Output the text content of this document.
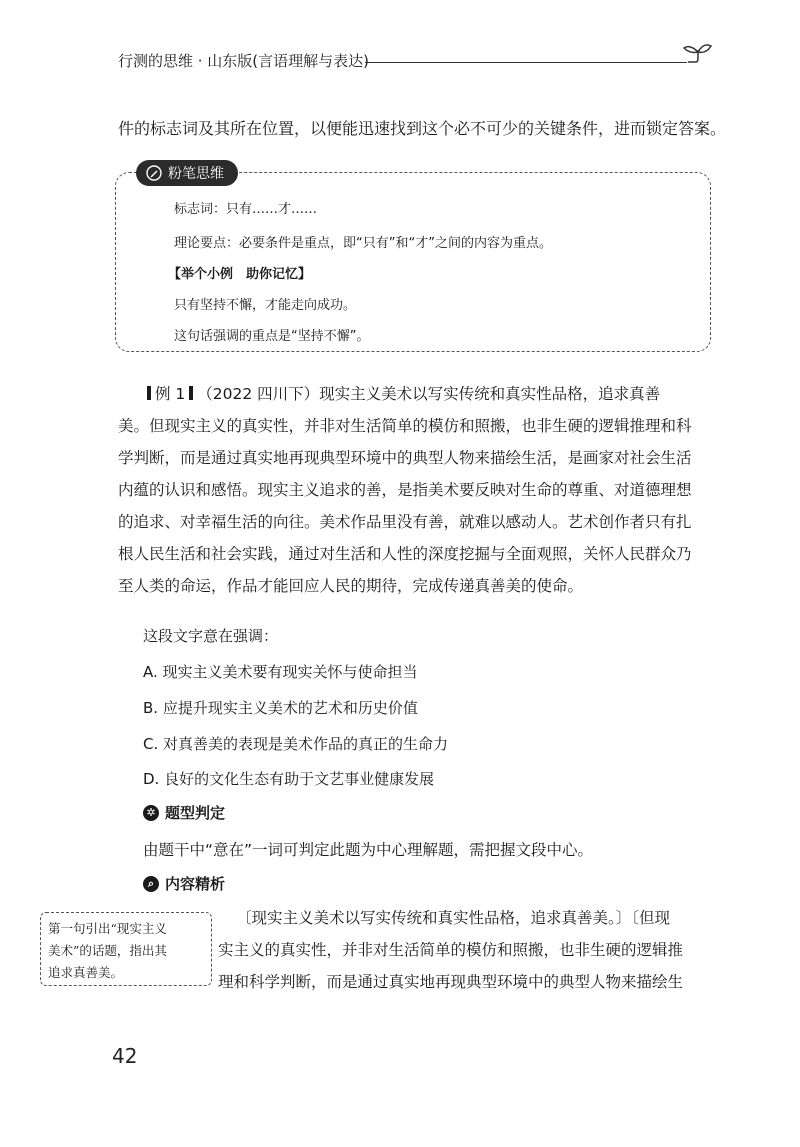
行测的思维 · 山东版(言语理解与表达)
件的标志词及其所在位置，以便能迅速找到这个必不可少的关键条件，进而锁定答案。
粉笔思维
标志词：只有……才……
理论要点：必要条件是重点，即“只有”和“才”之间的内容为重点。
【举个小例　助你记忆】
只有坚持不懈，才能走向成功。
这句话强调的重点是“坚持不懈”。
例 1 （2022 四川下）现实主义美术以写实传统和真实性品格，追求真善
美。但现实主义的真实性，并非对生活简单的模仿和照搬，也非生硬的逻辑推理和科
学判断，而是通过真实地再现典型环境中的典型人物来描绘生活，是画家对社会生活
内蕴的认识和感悟。现实主义追求的善，是指美术要反映对生命的尊重、对道德理想
的追求、对幸福生活的向往。美术作品里没有善，就难以感动人。艺术创作者只有扎
根人民生活和社会实践，通过对生活和人性的深度挖掘与全面观照，关怀人民群众乃
至人类的命运，作品才能回应人民的期待，完成传递真善美的使命。
这段文字意在强调：
A. 现实主义美术要有现实关怀与使命担当
B. 应提升现实主义美术的艺术和历史价值
C. 对真善美的表现是美术作品的真正的生命力
D. 良好的文化生态有助于文艺事业健康发展
✲ 题型判定
由题干中“意在”一词可判定此题为中心理解题，需把握文段中心。
⌕ 内容精析
第一句引出“现实主义
美术”的话题，指出其
追求真善美。
〔现实主义美术以写实传统和真实性品格，追求真善美。〕〔但现
实主义的真实性，并非对生活简单的模仿和照搬，也非生硬的逻辑推
理和科学判断，而是通过真实地再现典型环境中的典型人物来描绘生
42
